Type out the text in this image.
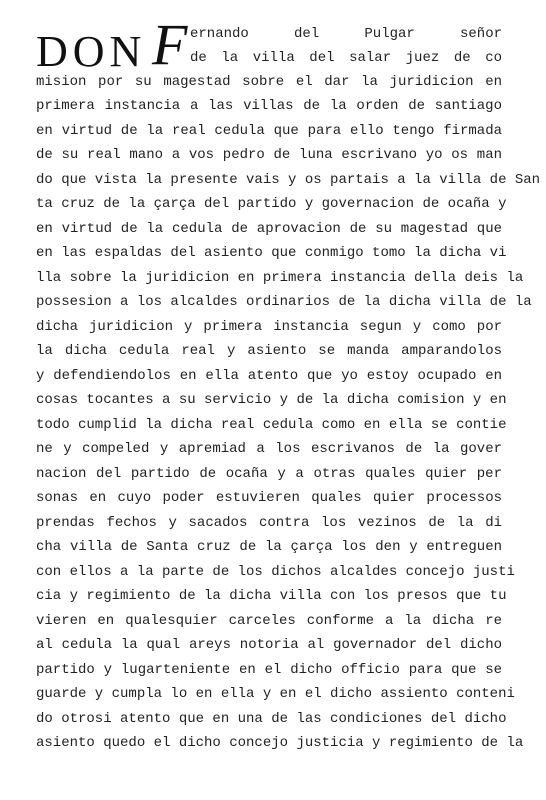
DON F ernando del Pulgar señor
de la villa del salar juez de co
mision por su magestad sobre el dar la juridicion en
primera instancia a las villas de la orden de santiago
en virtud de la real cedula que para ello tengo firmada
de su real mano a vos pedro de luna escrivano yo os man
do que vista la presente vais y os partais a la villa de San
ta cruz de la çarça del partido y governacion de ocaña y
en virtud de la cedula de aprovacion de su magestad que
en las espaldas del asiento que conmigo tomo la dicha vi
lla sobre la juridicion en primera instancia della deis la
possesion a los alcaldes ordinarios de la dicha villa de la
dicha juridicion y primera instancia segun y como por
la dicha cedula real y asiento se manda amparandolos
y defendiendolos en ella atento que yo estoy ocupado en
cosas tocantes a su servicio y de la dicha comision y en
todo cumplid la dicha real cedula como en ella se contie
ne y compeled y apremiad a los escrivanos de la gover
nacion del partido de ocaña y a otras quales quier per
sonas en cuyo poder estuvieren quales quier processos
prendas fechos y sacados contra los vezinos de la di
cha villa de Santa cruz de la çarça los den y entreguen
con ellos a la parte de los dichos alcaldes concejo justi
cia y regimiento de la dicha villa con los presos que tu
vieren en qualesquier carceles conforme a la dicha re
al cedula la qual areys notoria al governador del dicho
partido y lugarteniente en el dicho officio para que se
guarde y cumpla lo en ella y en el dicho assiento conteni
do otrosi atento que en una de las condiciones del dicho
asiento quedo el dicho concejo justicia y regimiento de la
